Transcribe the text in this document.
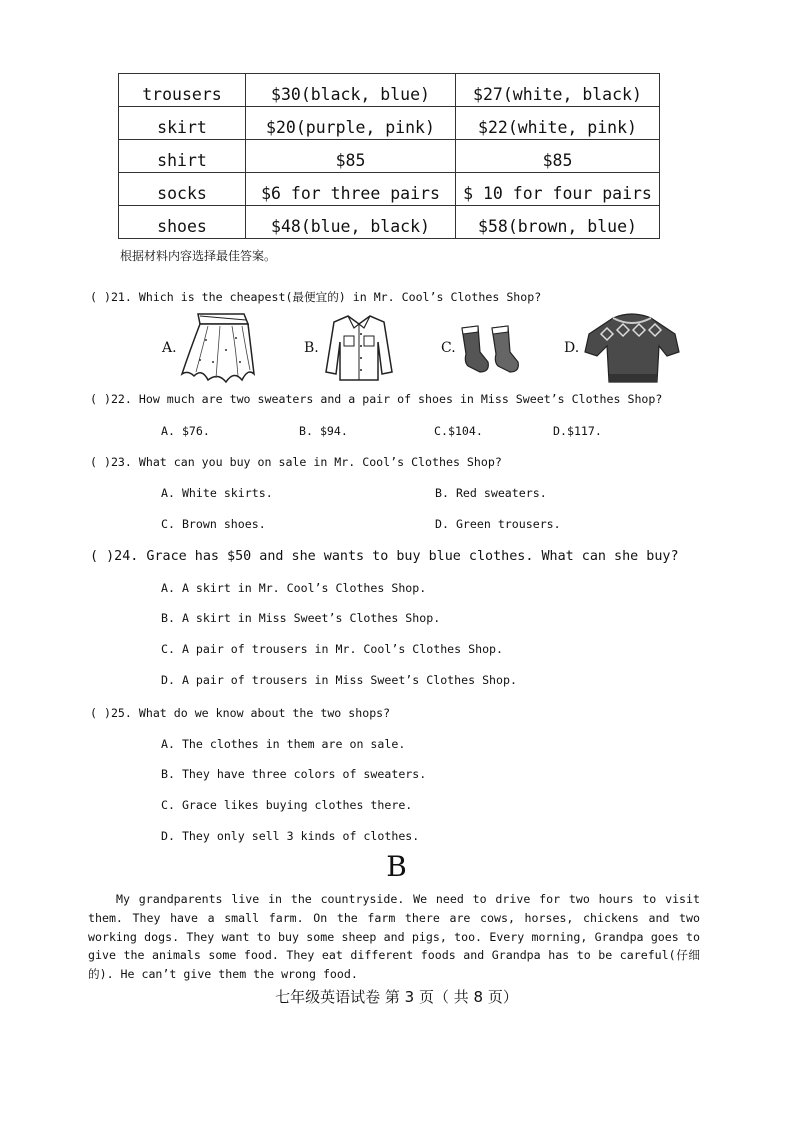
trousers	$30(black, blue)	$27(white, black)
skirt	$20(purple, pink)	$22(white, pink)
shirt	$85	$85
socks	$6 for three pairs	$ 10 for four pairs
shoes	$48(blue, black)	$58(brown, blue)
根据材料内容选择最佳答案。
( )21. Which is the cheapest(最便宜的) in Mr. Cool’s Clothes Shop?
A.	B.	C.	D.
( )22. How much are two sweaters and a pair of shoes in Miss Sweet’s Clothes Shop?
A. $76.	B. $94.	C.$104.	D.$117.
( )23. What can you buy on sale in Mr. Cool’s Clothes Shop?
A. White skirts.	B. Red sweaters.
C. Brown shoes.	D. Green trousers.
( )24. Grace has $50 and she wants to buy blue clothes. What can she buy?
A. A skirt in Mr. Cool’s Clothes Shop.
B. A skirt in Miss Sweet’s Clothes Shop.
C. A pair of trousers in Mr. Cool’s Clothes Shop.
D. A pair of trousers in Miss Sweet’s Clothes Shop.
( )25. What do we know about the two shops?
A. The clothes in them are on sale.
B. They have three colors of sweaters.
C. Grace likes buying clothes there.
D. They only sell 3 kinds of clothes.
B

My grandparents live in the countryside. We need to drive for two hours to visit them. They have a small farm. On the farm there are cows, horses, chickens and two working dogs. They want to buy some sheep and pigs, too. Every morning, Grandpa goes to give the animals some food. They eat different foods and Grandpa has to be careful(仔细的). He can’t give them the wrong food.

七年级英语试卷 第 3 页（ 共 8 页）
